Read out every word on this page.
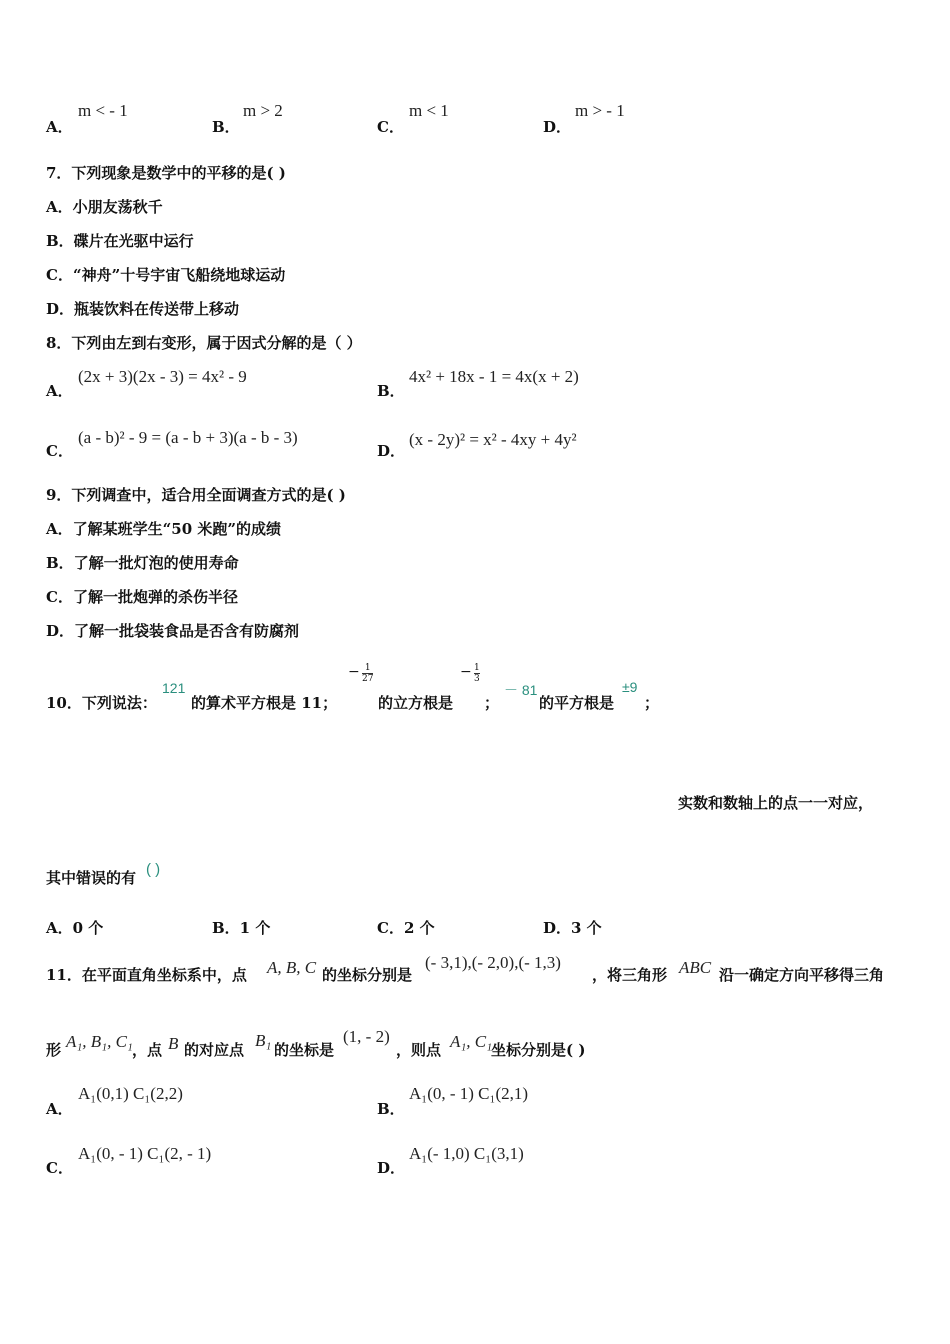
A．
m < - 1
B．
m > 2
C．
m < 1
D．
m > - 1
7．下列现象是数学中的平移的是( )
A．小朋友荡秋千
B．碟片在光驱中运行
C．“神舟”十号宇宙飞船绕地球运动
D．瓶装饮料在传送带上移动
8．下列由左到右变形，属于因式分解的是（ ）
A．
(2x + 3)(2x - 3) = 4x² - 9
B．
4x² + 18x - 1 = 4x(x + 2)
C．
(a - b)² - 9 = (a - b + 3)(a - b - 3)
D．
(x - 2y)² = x² - 4xy + 4y²
9．下列调查中，适合用全面调查方式的是( )
A．了解某班学生“50 米跑”的成绩
B．了解一批灯泡的使用寿命
C．了解一批炮弹的杀伤半径
D．了解一批袋装食品是否含有防腐剂
10．下列说法：
121
的算术平方根是 11；
− $\frac{1}{27}$
的立方根是
− $\frac{1}{3}$
；
－ 81
的平方根是
±9
；
实数和数轴上的点一一对应，
其中错误的有 ( )
A．0 个	B．1 个	C．2 个	D．3 个
11．在平面直角坐标系中，点 A, B, C 的坐标分别是
(- 3,1),(- 2,0),(- 1,3)
，将三角形 ABC 沿一确定方向平移得三角
形 A₁, B₁, C₁ ，点 B 的对应点 B₁ 的坐标是
(1, - 2)
，则点 A₁, C₁
坐标分别是( )
A．
A₁(0,1) C₁(2,2)
B．
A₁(0, - 1) C₁(2,1)
C．
A₁(0, - 1) C₁(2, - 1)
D．
A₁(- 1,0) C₁(3,1)
